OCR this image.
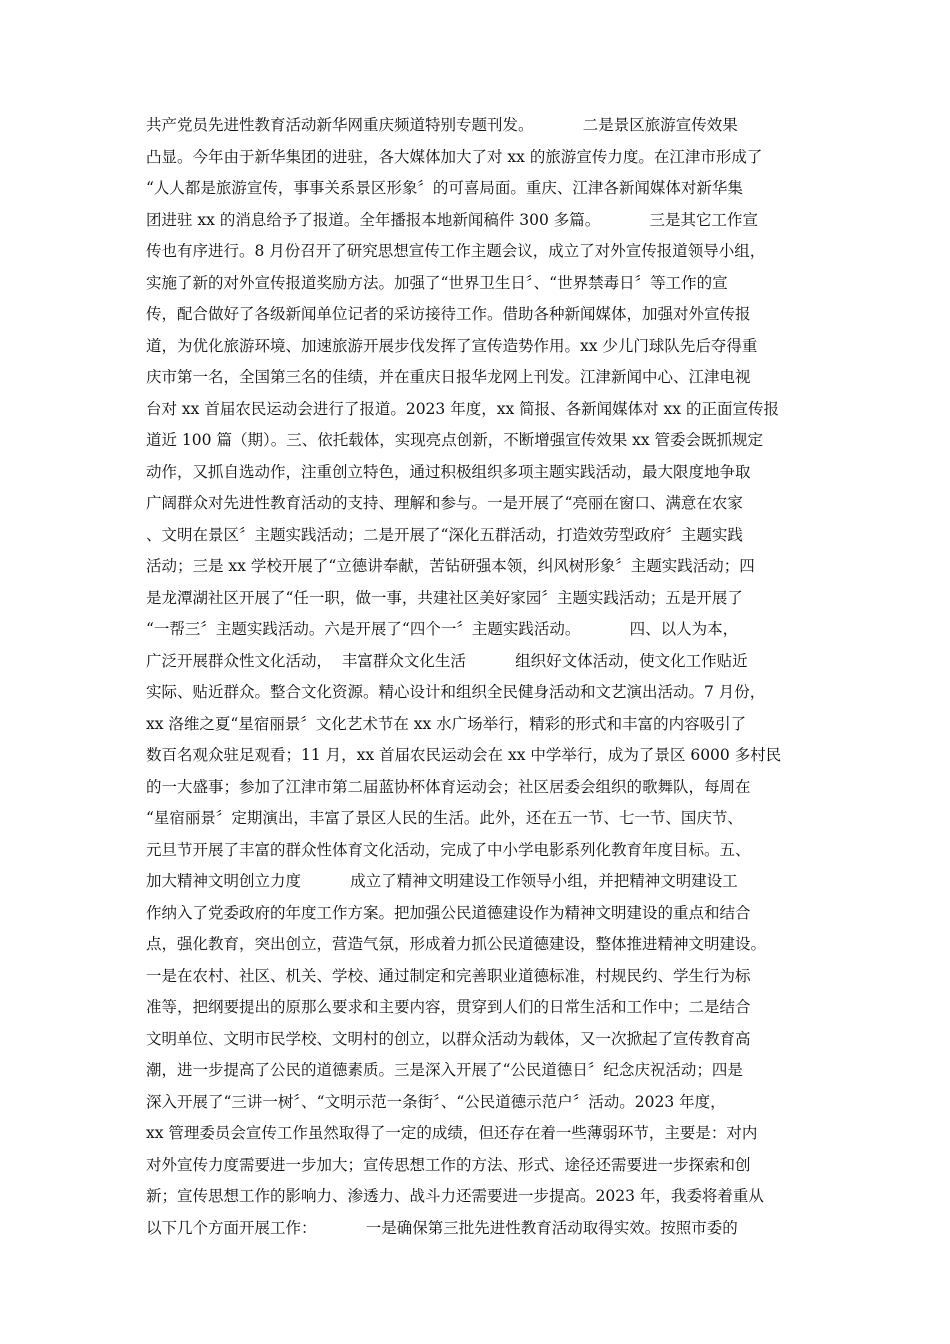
共产党员先进性教育活动新华网重庆频道特别专题刊发。          二是景区旅游宣传效果
凸显。今年由于新华集团的进驻，各大媒体加大了对 xx 的旅游宣传力度。在江津市形成了
“人人都是旅游宣传，事事关系景区形象〞的可喜局面。重庆、江津各新闻媒体对新华集
团进驻 xx 的消息给予了报道。全年播报本地新闻稿件 300 多篇。          三是其它工作宣
传也有序进行。8 月份召开了研究思想宣传工作主题会议，成立了对外宣传报道领导小组，
实施了新的对外宣传报道奖励方法。加强了“世界卫生日〞、“世界禁毒日〞等工作的宣
传，配合做好了各级新闻单位记者的采访接待工作。借助各种新闻媒体，加强对外宣传报
道，为优化旅游环境、加速旅游开展步伐发挥了宣传造势作用。xx 少儿门球队先后夺得重
庆市第一名，全国第三名的佳绩，并在重庆日报华龙网上刊发。江津新闻中心、江津电视
台对 xx 首届农民运动会进行了报道。2023 年度，xx 简报、各新闻媒体对 xx 的正面宣传报
道近 100 篇（期）。三、依托载体，实现亮点创新，不断增强宣传效果 xx 管委会既抓规定
动作，又抓自选动作，注重创立特色，通过积极组织多项主题实践活动，最大限度地争取
广阔群众对先进性教育活动的支持、理解和参与。一是开展了“亮丽在窗口、满意在农家
、文明在景区〞主题实践活动；二是开展了“深化五群活动，打造效劳型政府〞主题实践
活动；三是 xx 学校开展了“立德讲奉献，苦钻研强本领，纠风树形象〞主题实践活动；四
是龙潭湖社区开展了“任一职，做一事，共建社区美好家园〞主题实践活动；五是开展了
“一帮三〞主题实践活动。六是开展了“四个一〞主题实践活动。          四、以人为本，
广泛开展群众性文化活动，  丰富群众文化生活          组织好文体活动，使文化工作贴近
实际、贴近群众。整合文化资源。精心设计和组织全民健身活动和文艺演出活动。7 月份，
xx 洛维之夏“星宿丽景〞文化艺术节在 xx 水广场举行，精彩的形式和丰富的内容吸引了
数百名观众驻足观看；11 月，xx 首届农民运动会在 xx 中学举行，成为了景区 6000 多村民
的一大盛事；参加了江津市第二届蓝协杯体育运动会；社区居委会组织的歌舞队，每周在
“星宿丽景〞定期演出，丰富了景区人民的生活。此外，还在五一节、七一节、国庆节、
元旦节开展了丰富的群众性体育文化活动，完成了中小学电影系列化教育年度目标。五、
加大精神文明创立力度          成立了精神文明建设工作领导小组，并把精神文明建设工
作纳入了党委政府的年度工作方案。把加强公民道德建设作为精神文明建设的重点和结合
点，强化教育，突出创立，营造气氛，形成着力抓公民道德建设，整体推进精神文明建设。
一是在农村、社区、机关、学校、通过制定和完善职业道德标准，村规民约、学生行为标
准等，把纲要提出的原那么要求和主要内容，贯穿到人们的日常生活和工作中；二是结合
文明单位、文明市民学校、文明村的创立，以群众活动为载体，又一次掀起了宣传教育高
潮，进一步提高了公民的道德素质。三是深入开展了“公民道德日〞纪念庆祝活动；四是
深入开展了“三讲一树〞、“文明示范一条街〞、“公民道德示范户〞活动。2023 年度，
xx 管理委员会宣传工作虽然取得了一定的成绩，但还存在着一些薄弱环节，主要是：对内
对外宣传力度需要进一步加大；宣传思想工作的方法、形式、途径还需要进一步探索和创
新；宣传思想工作的影响力、渗透力、战斗力还需要进一步提高。2023 年，我委将着重从
以下几个方面开展工作：          一是确保第三批先进性教育活动取得实效。按照市委的
